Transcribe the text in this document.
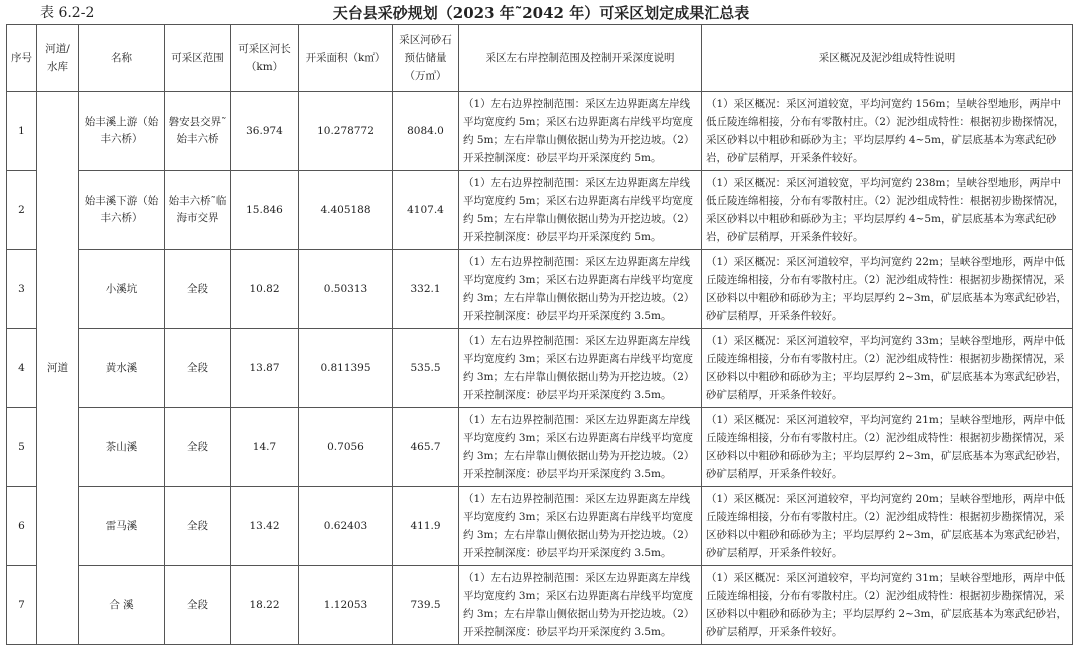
表 6.2-2	天台县采砂规划（2023 年˜2042 年）可采区划定成果汇总表
序号	河道/水库	名称	可采区范围	可采区河长（km）	开采面积（k㎡）	采区河砂石预估储量（万㎥）	采区左右岸控制范围及控制开采深度说明	采区概况及泥沙组成特性说明
1	河道	始丰溪上游（始丰六桥）	磐安县交界˜始丰六桥	36.974	10.278772	8084.0	（1）左右边界控制范围：采区左边界距离左岸线平均宽度约 5m；采区右边界距离右岸线平均宽度约 5m；左右岸靠山侧依据山势为开挖边坡。（2）开采控制深度：砂层平均开采深度约 5m。	（1）采区概况：采区河道较宽，平均河宽约 156m；呈峡谷型地形，两岸中低丘陵连绵相接，分布有零散村庄。（2）泥沙组成特性：根据初步勘探情况，采区砂料以中粗砂和砾砂为主；平均层厚约 4~5m，矿层底基本为寒武纪砂岩，砂矿层稍厚，开采条件较好。
2		始丰溪下游（始丰六桥）	始丰六桥˜临海市交界	15.846	4.405188	4107.4	（1）左右边界控制范围：采区左边界距离左岸线平均宽度约 5m；采区右边界距离右岸线平均宽度约 5m；左右岸靠山侧依据山势为开挖边坡。（2）开采控制深度：砂层平均开采深度约 5m。	（1）采区概况：采区河道较宽，平均河宽约 238m；呈峡谷型地形，两岸中低丘陵连绵相接，分布有零散村庄。（2）泥沙组成特性：根据初步勘探情况，采区砂料以中粗砂和砾砂为主；平均层厚约 4~5m，矿层底基本为寒武纪砂岩，砂矿层稍厚，开采条件较好。
3		小溪坑	全段	10.82	0.50313	332.1	（1）左右边界控制范围：采区左边界距离左岸线平均宽度约 3m；采区右边界距离右岸线平均宽度约 3m；左右岸靠山侧依据山势为开挖边坡。（2）开采控制深度：砂层平均开采深度约 3.5m。	（1）采区概况：采区河道较窄，平均河宽约 22m；呈峡谷型地形，两岸中低丘陵连绵相接，分布有零散村庄。（2）泥沙组成特性：根据初步勘探情况，采区砂料以中粗砂和砾砂为主；平均层厚约 2~3m，矿层底基本为寒武纪砂岩，砂矿层稍厚，开采条件较好。
4		黄水溪	全段	13.87	0.811395	535.5	（1）左右边界控制范围：采区左边界距离左岸线平均宽度约 3m；采区右边界距离右岸线平均宽度约 3m；左右岸靠山侧依据山势为开挖边坡。（2）开采控制深度：砂层平均开采深度约 3.5m。	（1）采区概况：采区河道较窄，平均河宽约 33m；呈峡谷型地形，两岸中低丘陵连绵相接，分布有零散村庄。（2）泥沙组成特性：根据初步勘探情况，采区砂料以中粗砂和砾砂为主；平均层厚约 2~3m，矿层底基本为寒武纪砂岩，砂矿层稍厚，开采条件较好。
5		茶山溪	全段	14.7	0.7056	465.7	（1）左右边界控制范围：采区左边界距离左岸线平均宽度约 3m；采区右边界距离右岸线平均宽度约 3m；左右岸靠山侧依据山势为开挖边坡。（2）开采控制深度：砂层平均开采深度约 3.5m。	（1）采区概况：采区河道较窄，平均河宽约 21m；呈峡谷型地形，两岸中低丘陵连绵相接，分布有零散村庄。（2）泥沙组成特性：根据初步勘探情况，采区砂料以中粗砂和砾砂为主；平均层厚约 2~3m，矿层底基本为寒武纪砂岩，砂矿层稍厚，开采条件较好。
6		雷马溪	全段	13.42	0.62403	411.9	（1）左右边界控制范围：采区左边界距离左岸线平均宽度约 3m；采区右边界距离右岸线平均宽度约 3m；左右岸靠山侧依据山势为开挖边坡。（2）开采控制深度：砂层平均开采深度约 3.5m。	（1）采区概况：采区河道较窄，平均河宽约 20m；呈峡谷型地形，两岸中低丘陵连绵相接，分布有零散村庄。（2）泥沙组成特性：根据初步勘探情况，采区砂料以中粗砂和砾砂为主；平均层厚约 2~3m，矿层底基本为寒武纪砂岩，砂矿层稍厚，开采条件较好。
7		合 溪	全段	18.22	1.12053	739.5	（1）左右边界控制范围：采区左边界距离左岸线平均宽度约 3m；采区右边界距离右岸线平均宽度约 3m；左右岸靠山侧依据山势为开挖边坡。（2）开采控制深度：砂层平均开采深度约 3.5m。	（1）采区概况：采区河道较窄，平均河宽约 31m；呈峡谷型地形，两岸中低丘陵连绵相接，分布有零散村庄。（2）泥沙组成特性：根据初步勘探情况，采区砂料以中粗砂和砾砂为主；平均层厚约 2~3m，矿层底基本为寒武纪砂岩，砂矿层稍厚，开采条件较好。
